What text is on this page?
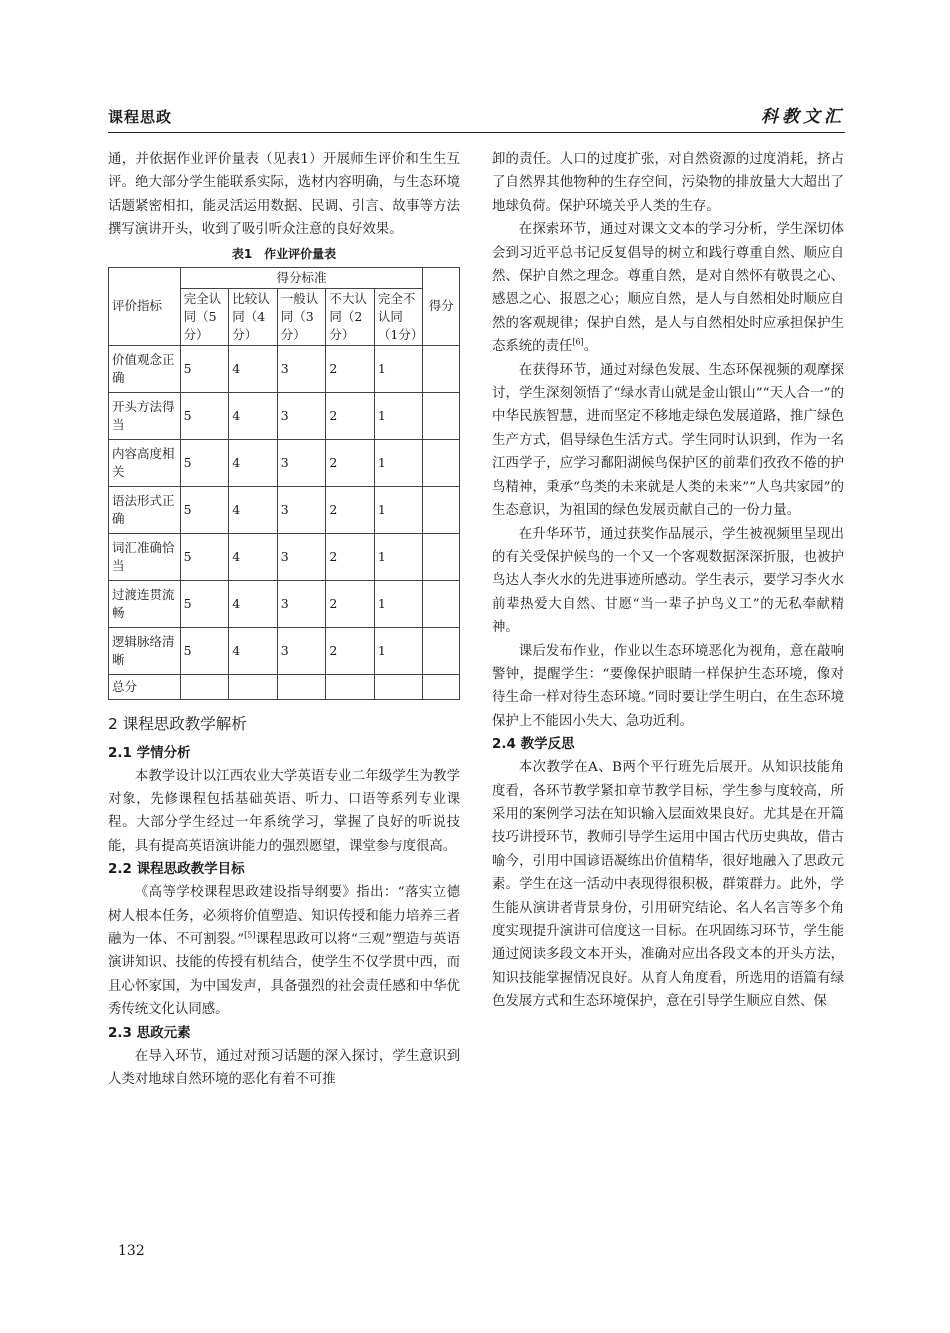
课程思政	科教文汇

通，并依据作业评价量表（见表1）开展师生评价和生生互评。绝大部分学生能联系实际，选材内容明确，与生态环境话题紧密相扣，能灵活运用数据、民调、引言、故事等方法撰写演讲开头，收到了吸引听众注意的良好效果。

表1　作业评价量表
评价指标	得分标准					得分
	完全认同（5分）	比较认同（4分）	一般认同（3分）	不大认同（2分）	完全不认同（1分）	
价值观念正确	5	4	3	2	1	
开头方法得当	5	4	3	2	1	
内容高度相关	5	4	3	2	1	
语法形式正确	5	4	3	2	1	
词汇准确恰当	5	4	3	2	1	
过渡连贯流畅	5	4	3	2	1	
逻辑脉络清晰	5	4	3	2	1	
总分						
2 课程思政教学解析
2.1 学情分析

本教学设计以江西农业大学英语专业二年级学生为教学对象，先修课程包括基础英语、听力、口语等系列专业课程。大部分学生经过一年系统学习，掌握了良好的听说技能，具有提高英语演讲能力的强烈愿望，课堂参与度很高。

2.2 课程思政教学目标

《高等学校课程思政建设指导纲要》指出：“落实立德树人根本任务，必须将价值塑造、知识传授和能力培养三者融为一体、不可割裂。”[5]课程思政可以将“三观”塑造与英语演讲知识、技能的传授有机结合，使学生不仅学贯中西，而且心怀家国，为中国发声，具备强烈的社会责任感和中华优秀传统文化认同感。

2.3 思政元素

在导入环节，通过对预习话题的深入探讨，学生意识到人类对地球自然环境的恶化有着不可推

卸的责任。人口的过度扩张，对自然资源的过度消耗，挤占了自然界其他物种的生存空间，污染物的排放量大大超出了地球负荷。保护环境关乎人类的生存。

在探索环节，通过对课文文本的学习分析，学生深切体会到习近平总书记反复倡导的树立和践行尊重自然、顺应自然、保护自然之理念。尊重自然，是对自然怀有敬畏之心、感恩之心、报恩之心；顺应自然，是人与自然相处时顺应自然的客观规律；保护自然，是人与自然相处时应承担保护生态系统的责任[6]。

在获得环节，通过对绿色发展、生态环保视频的观摩探讨，学生深刻领悟了“绿水青山就是金山银山”“天人合一”的中华民族智慧，进而坚定不移地走绿色发展道路，推广绿色生产方式，倡导绿色生活方式。学生同时认识到，作为一名江西学子，应学习鄱阳湖候鸟保护区的前辈们孜孜不倦的护鸟精神，秉承“鸟类的未来就是人类的未来”“人鸟共家园”的生态意识，为祖国的绿色发展贡献自己的一份力量。

在升华环节，通过获奖作品展示，学生被视频里呈现出的有关受保护候鸟的一个又一个客观数据深深折服，也被护鸟达人李火水的先进事迹所感动。学生表示，要学习李火水前辈热爱大自然、甘愿“当一辈子护鸟义工”的无私奉献精神。

课后发布作业，作业以生态环境恶化为视角，意在敲响警钟，提醒学生：“要像保护眼睛一样保护生态环境，像对待生命一样对待生态环境。”同时要让学生明白，在生态环境保护上不能因小失大、急功近利。

2.4 教学反思

本次教学在A、B两个平行班先后展开。从知识技能角度看，各环节教学紧扣章节教学目标，学生参与度较高，所采用的案例学习法在知识输入层面效果良好。尤其是在开篇技巧讲授环节，教师引导学生运用中国古代历史典故，借古喻今，引用中国谚语凝练出价值精华，很好地融入了思政元素。学生在这一活动中表现得很积极，群策群力。此外，学生能从演讲者背景身份，引用研究结论、名人名言等多个角度实现提升演讲可信度这一目标。在巩固练习环节，学生能通过阅读多段文本开头，准确对应出各段文本的开头方法，知识技能掌握情况良好。从育人角度看，所选用的语篇有绿色发展方式和生态环境保护，意在引导学生顺应自然、保

132
